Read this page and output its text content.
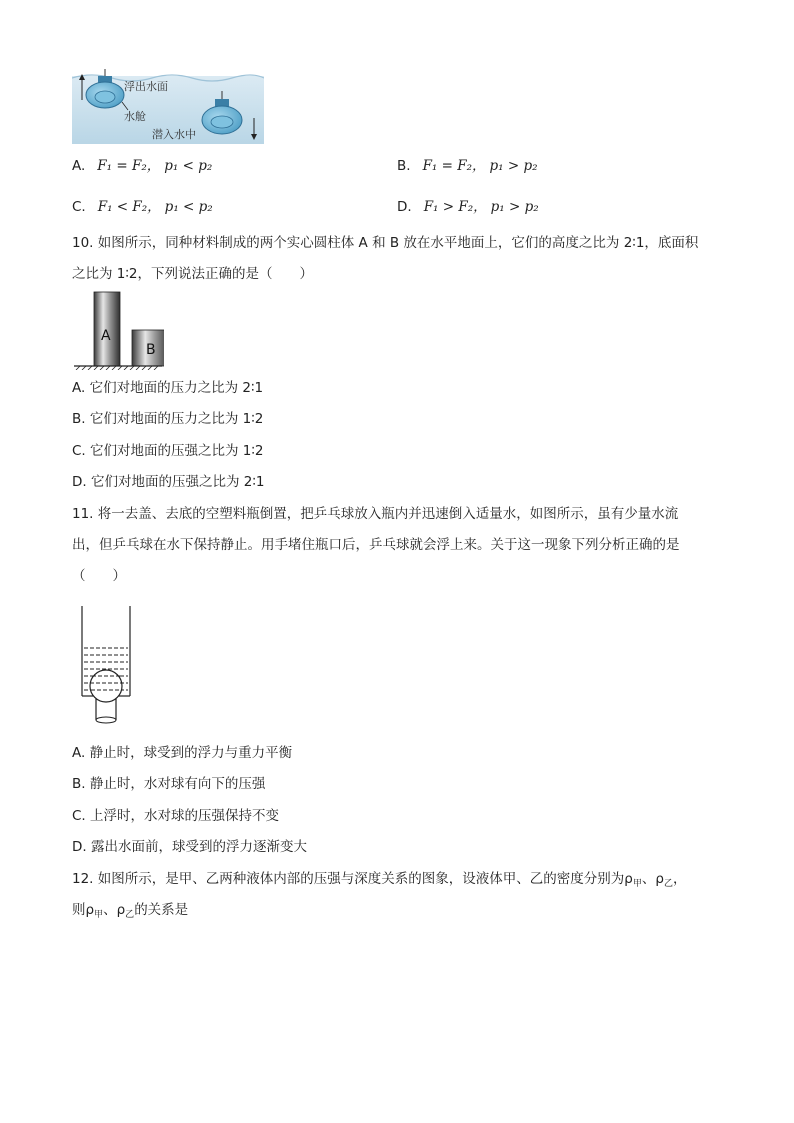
浮出水面
水舱
潜入水中
A. F₁ = F₂， p₁ < p₂	B. F₁ = F₂， p₁ > p₂
C. F₁ < F₂， p₁ < p₂	D. F₁ > F₂， p₁ > p₂
10. 如图所示，同种材料制成的两个实心圆柱体 A 和 B 放在水平地面上，它们的高度之比为 2∶1，底面积
之比为 1∶2，下列说法正确的是（　　）
A
B
A. 它们对地面的压力之比为 2∶1
B. 它们对地面的压力之比为 1∶2
C. 它们对地面的压强之比为 1∶2
D. 它们对地面的压强之比为 2∶1
11. 将一去盖、去底的空塑料瓶倒置，把乒乓球放入瓶内并迅速倒入适量水，如图所示，虽有少量水流
出，但乒乓球在水下保持静止。用手堵住瓶口后，乒乓球就会浮上来。关于这一现象下列分析正确的是
（　　）
A. 静止时，球受到的浮力与重力平衡
B. 静止时，水对球有向下的压强
C. 上浮时，水对球的压强保持不变
D. 露出水面前，球受到的浮力逐渐变大
12. 如图所示，是甲、乙两种液体内部的压强与深度关系的图象，设液体甲、乙的密度分别为$\rho_甲$、$\rho_乙$，
则$\rho_甲$、$\rho_乙$的关系是
